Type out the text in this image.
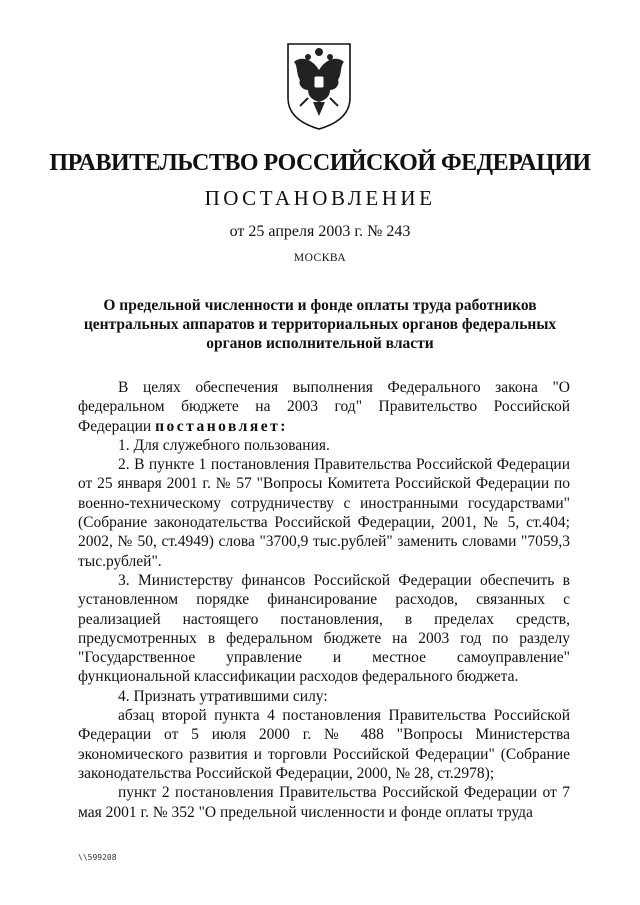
ПРАВИТЕЛЬСТВО РОССИЙСКОЙ ФЕДЕРАЦИИ
ПОСТАНОВЛЕНИЕ
от 25 апреля 2003 г. № 243
МОСКВА
О предельной численности и фонде оплаты труда работников центральных аппаратов и территориальных органов федеральных органов исполнительной власти

В целях обеспечения выполнения Федерального закона "О федеральном бюджете на 2003 год" Правительство Российской Федерации постановляет:

1. Для служебного пользования.

2. В пункте 1 постановления Правительства Российской Федерации от 25 января 2001 г. № 57 "Вопросы Комитета Российской Федерации по военно-техническому сотрудничеству с иностранными государствами" (Собрание законодательства Российской Федерации, 2001, № 5, ст.404; 2002, № 50, ст.4949) слова "3700,9 тыс.рублей" заменить словами "7059,3 тыс.рублей".

3. Министерству финансов Российской Федерации обеспечить в установленном порядке финансирование расходов, связанных с реализацией настоящего постановления, в пределах средств, предусмотренных в федеральном бюджете на 2003 год по разделу "Государственное управление и местное самоуправление" функциональной классификации расходов федерального бюджета.

4. Признать утратившими силу:

абзац второй пункта 4 постановления Правительства Российской Федерации от 5 июля 2000 г. № 488 "Вопросы Министерства экономического развития и торговли Российской Федерации" (Собрание законодательства Российской Федерации, 2000, № 28, ст.2978);

пункт 2 постановления Правительства Российской Федерации от 7 мая 2001 г. № 352 "О предельной численности и фонде оплаты труда

\\599208
